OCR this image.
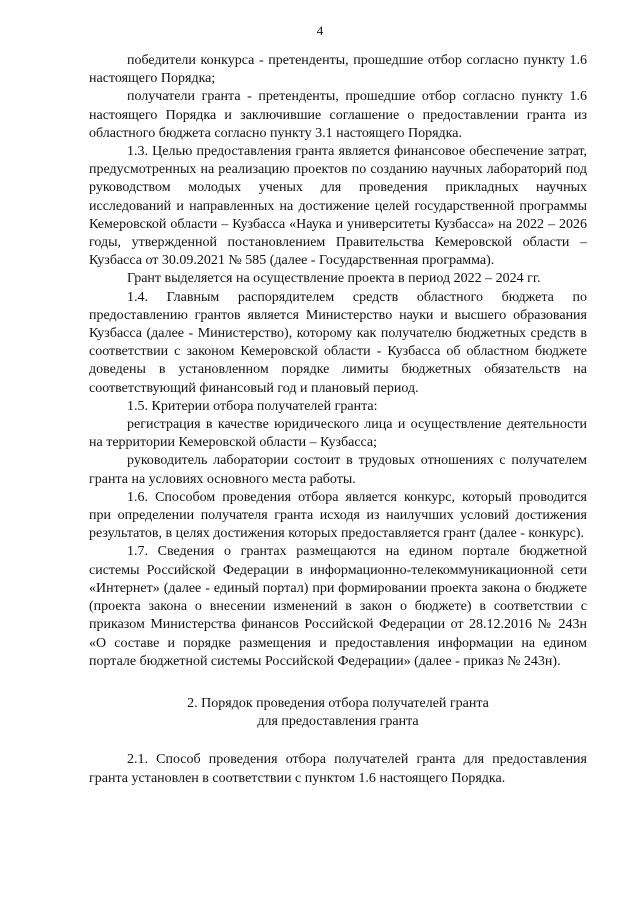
4

победители конкурса - претенденты, прошедшие отбор согласно пункту 1.6 настоящего Порядка;

получатели гранта - претенденты, прошедшие отбор согласно пункту 1.6 настоящего Порядка и заключившие соглашение о предоставлении гранта из областного бюджета согласно пункту 3.1 настоящего Порядка.

1.3. Целью предоставления гранта является финансовое обеспечение затрат, предусмотренных на реализацию проектов по созданию научных лабораторий под руководством молодых ученых для проведения прикладных научных исследований и направленных на достижение целей государственной программы Кемеровской области – Кузбасса «Наука и университеты Кузбасса» на 2022 – 2026 годы, утвержденной постановлением Правительства Кемеровской области – Кузбасса от 30.09.2021 № 585 (далее - Государственная программа).

Грант выделяется на осуществление проекта в период 2022 – 2024 гг.

1.4. Главным распорядителем средств областного бюджета по предоставлению грантов является Министерство науки и высшего образования Кузбасса (далее - Министерство), которому как получателю бюджетных средств в соответствии с законом Кемеровской области - Кузбасса об областном бюджете доведены в установленном порядке лимиты бюджетных обязательств на соответствующий финансовый год и плановый период.

1.5. Критерии отбора получателей гранта:

регистрация в качестве юридического лица и осуществление деятельности на территории Кемеровской области – Кузбасса;

руководитель лаборатории состоит в трудовых отношениях с получателем гранта на условиях основного места работы.

1.6. Способом проведения отбора является конкурс, который проводится при определении получателя гранта исходя из наилучших условий достижения результатов, в целях достижения которых предоставляется грант (далее - конкурс).

1.7. Сведения о грантах размещаются на едином портале бюджетной системы Российской Федерации в информационно-телекоммуникационной сети «Интернет» (далее - единый портал) при формировании проекта закона о бюджете (проекта закона о внесении изменений в закон о бюджете) в соответствии с приказом Министерства финансов Российской Федерации от 28.12.2016 № 243н «О составе и порядке размещения и предоставления информации на едином портале бюджетной системы Российской Федерации» (далее - приказ № 243н).

2. Порядок проведения отбора получателей гранта

для предоставления гранта

2.1. Способ проведения отбора получателей гранта для предоставления гранта установлен в соответствии с пунктом 1.6 настоящего Порядка.
